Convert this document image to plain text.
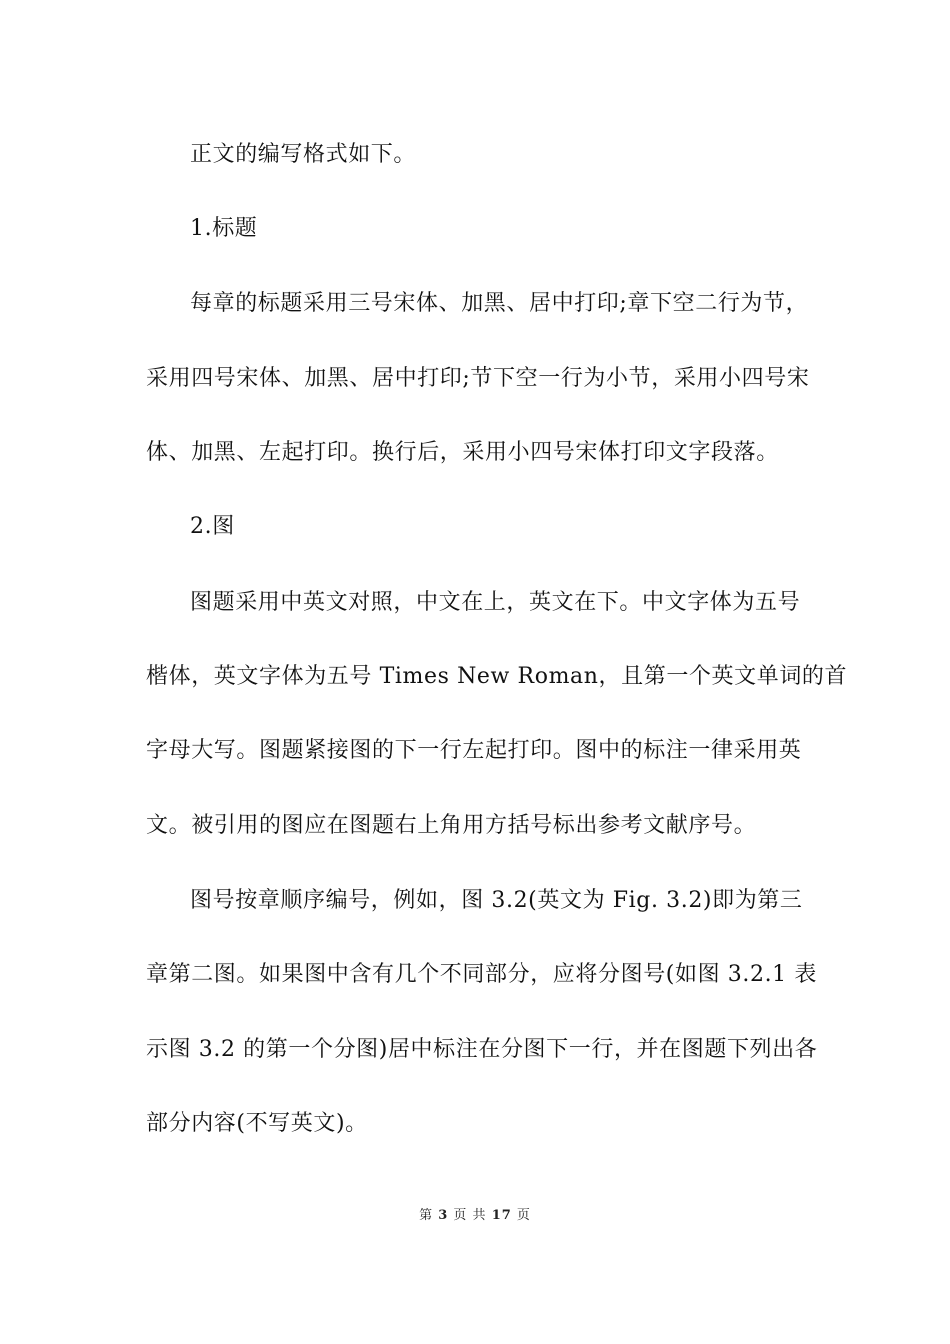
正文的编写格式如下。
1.标题
每章的标题采用三号宋体、加黑、居中打印;章下空二行为节，
采用四号宋体、加黑、居中打印;节下空一行为小节，采用小四号宋
体、加黑、左起打印。换行后，采用小四号宋体打印文字段落。
2.图
图题采用中英文对照，中文在上，英文在下。中文字体为五号
楷体，英文字体为五号 Times New Roman，且第一个英文单词的首
字母大写。图题紧接图的下一行左起打印。图中的标注一律采用英
文。被引用的图应在图题右上角用方括号标出参考文献序号。
图号按章顺序编号，例如，图 3.2(英文为 Fig. 3.2)即为第三
章第二图。如果图中含有几个不同部分，应将分图号(如图 3.2.1 表
示图 3.2 的第一个分图)居中标注在分图下一行，并在图题下列出各
部分内容(不写英文)。
第 3 页 共 17 页
